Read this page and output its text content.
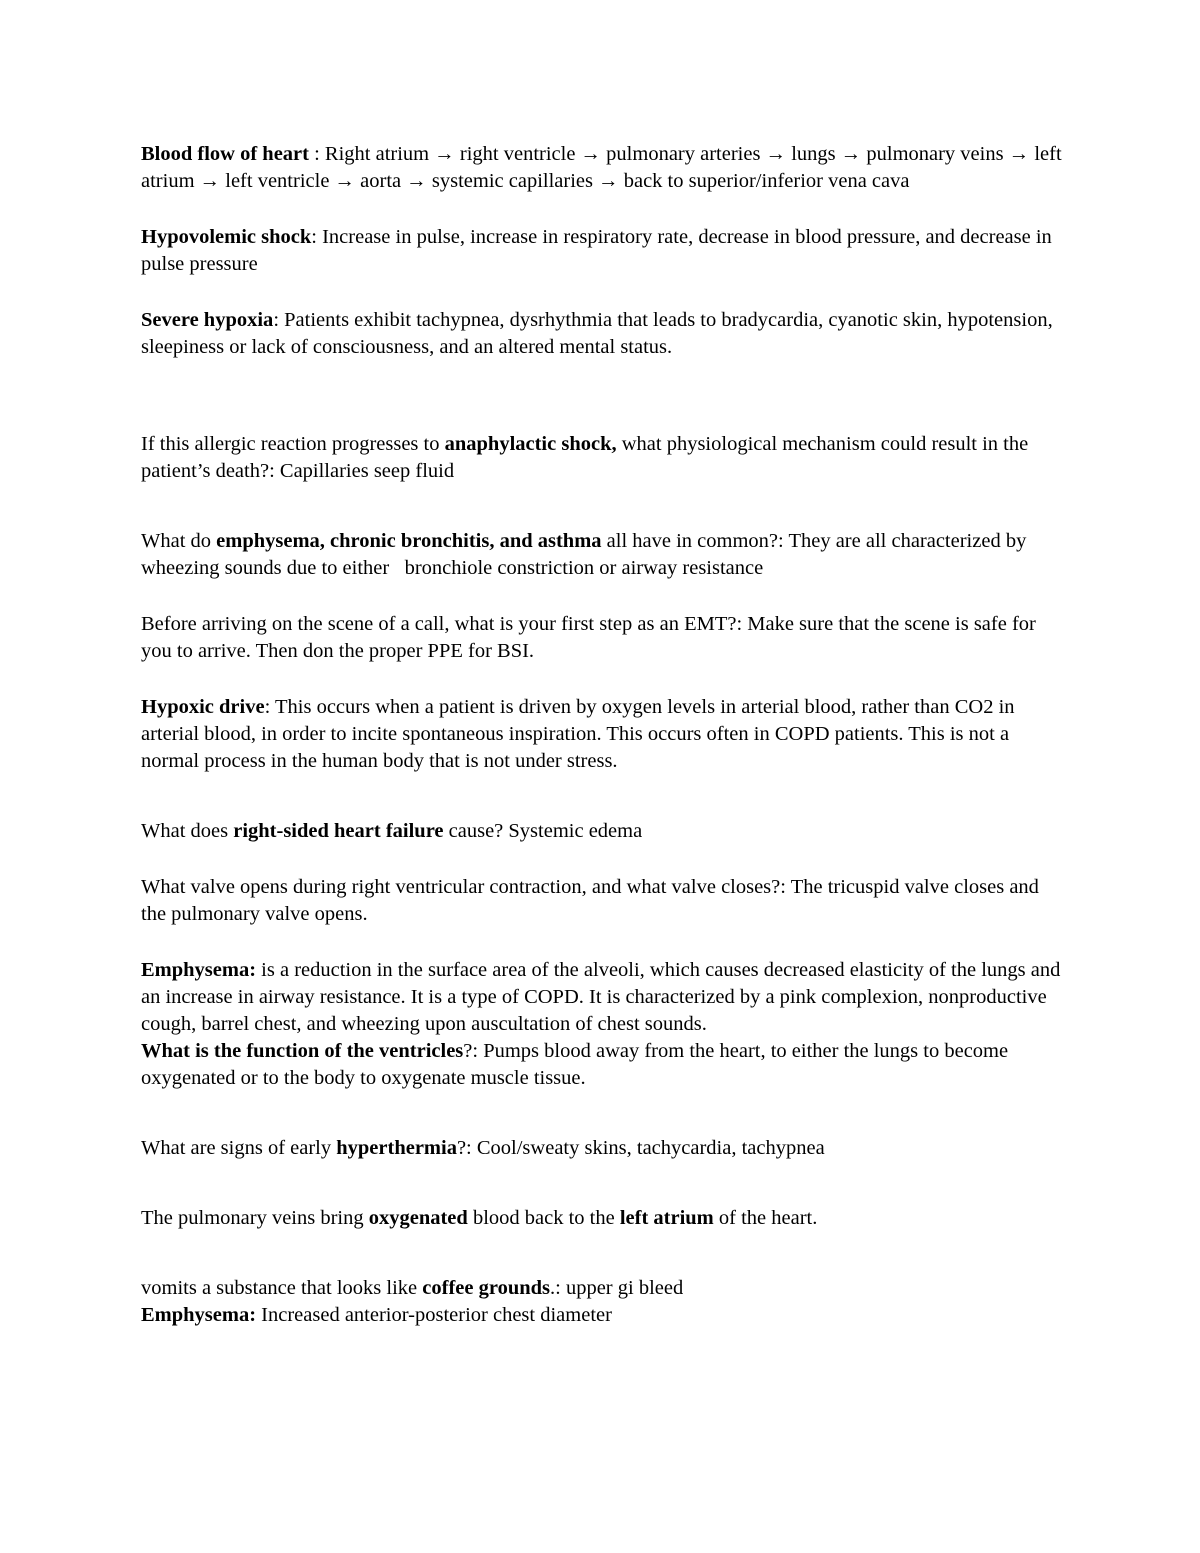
Blood flow of heart : Right atrium → right ventricle → pulmonary arteries → lungs → pulmonary veins → left atrium → left ventricle → aorta → systemic capillaries → back to superior/inferior vena cava

Hypovolemic shock: Increase in pulse, increase in respiratory rate, decrease in blood pressure, and decrease in pulse pressure

Severe hypoxia: Patients exhibit tachypnea, dysrhythmia that leads to bradycardia, cyanotic skin, hypotension, sleepiness or lack of consciousness, and an altered mental status.

If this allergic reaction progresses to anaphylactic shock, what physiological mechanism could result in the patient’s death?: Capillaries seep fluid

What do emphysema, chronic bronchitis, and asthma all have in common?: They are all characterized by wheezing sounds due to either   bronchiole constriction or airway resistance

Before arriving on the scene of a call, what is your first step as an EMT?: Make sure that the scene is safe for you to arrive. Then don the proper PPE for BSI.

Hypoxic drive: This occurs when a patient is driven by oxygen levels in arterial blood, rather than CO2 in arterial blood, in order to incite spontaneous inspiration. This occurs often in COPD patients. This is not a normal process in the human body that is not under stress.

What does right-sided heart failure cause? Systemic edema

What valve opens during right ventricular contraction, and what valve closes?: The tricuspid valve closes and the pulmonary valve opens.

Emphysema: is a reduction in the surface area of the alveoli, which causes decreased elasticity of the lungs and an increase in airway resistance. It is a type of COPD. It is characterized by a pink complexion, nonproductive cough, barrel chest, and wheezing upon auscultation of chest sounds.

What is the function of the ventricles?: Pumps blood away from the heart, to either the lungs to become oxygenated or to the body to oxygenate muscle tissue.

What are signs of early hyperthermia?: Cool/sweaty skins, tachycardia, tachypnea

The pulmonary veins bring oxygenated blood back to the left atrium of the heart.

vomits a substance that looks like coffee grounds.: upper gi bleed

Emphysema: Increased anterior-posterior chest diameter
